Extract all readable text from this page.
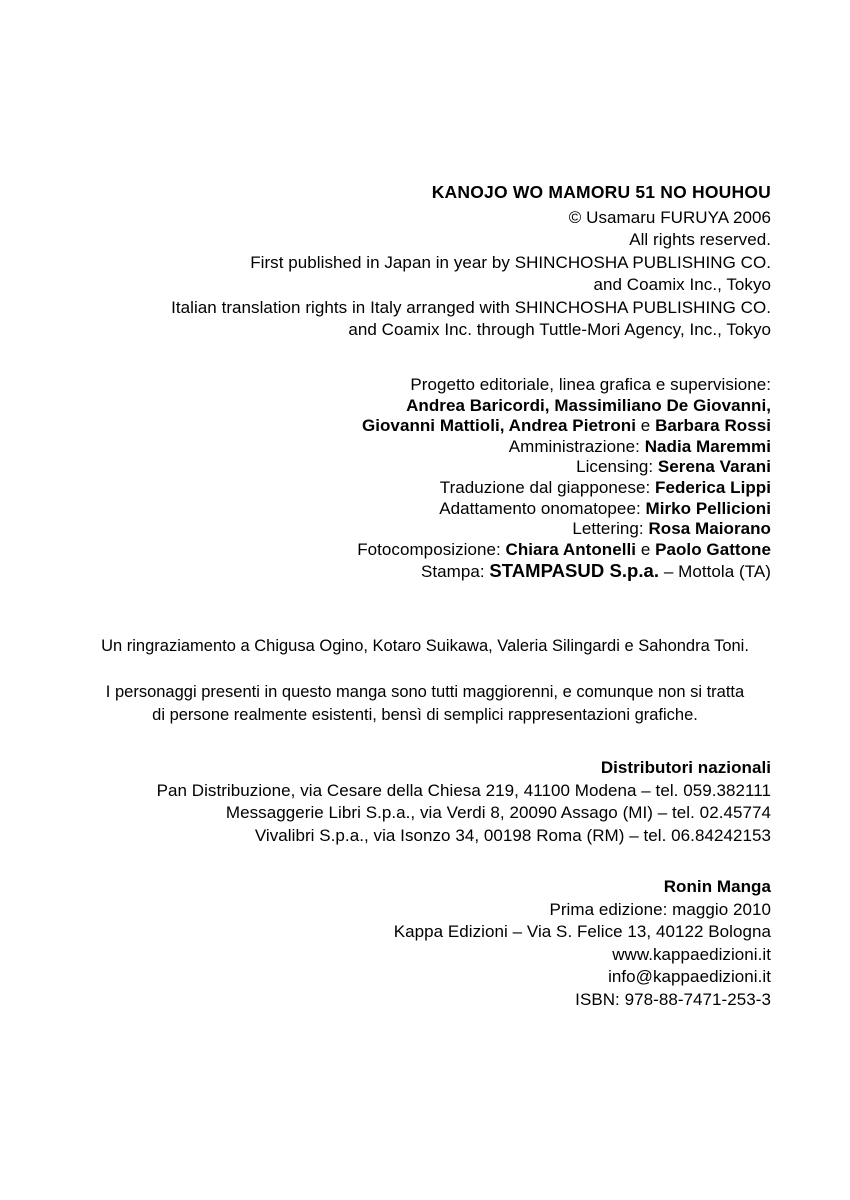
KANOJO WO MAMORU 51 NO HOUHOU
© Usamaru FURUYA 2006
All rights reserved.
First published in Japan in year by SHINCHOSHA PUBLISHING CO.
and Coamix Inc., Tokyo
Italian translation rights in Italy arranged with SHINCHOSHA PUBLISHING CO.
and Coamix Inc. through Tuttle-Mori Agency, Inc., Tokyo
Progetto editoriale, linea grafica e supervisione:
Andrea Baricordi, Massimiliano De Giovanni,
Giovanni Mattioli, Andrea Pietroni e Barbara Rossi
Amministrazione: Nadia Maremmi
Licensing: Serena Varani
Traduzione dal giapponese: Federica Lippi
Adattamento onomatopee: Mirko Pellicioni
Lettering: Rosa Maiorano
Fotocomposizione: Chiara Antonelli e Paolo Gattone
Stampa: STAMPASUD S.p.a. – Mottola (TA)
Un ringraziamento a Chigusa Ogino, Kotaro Suikawa, Valeria Silingardi e Sahondra Toni.
I personaggi presenti in questo manga sono tutti maggiorenni, e comunque non si tratta
di persone realmente esistenti, bensì di semplici rappresentazioni grafiche.
Distributori nazionali
Pan Distribuzione, via Cesare della Chiesa 219, 41100 Modena – tel. 059.382111
Messaggerie Libri S.p.a., via Verdi 8, 20090 Assago (MI) – tel. 02.45774
Vivalibri S.p.a., via Isonzo 34, 00198 Roma (RM) – tel. 06.84242153
Ronin Manga
Prima edizione: maggio 2010
Kappa Edizioni – Via S. Felice 13, 40122 Bologna
www.kappaedizioni.it
info@kappaedizioni.it
ISBN: 978-88-7471-253-3
